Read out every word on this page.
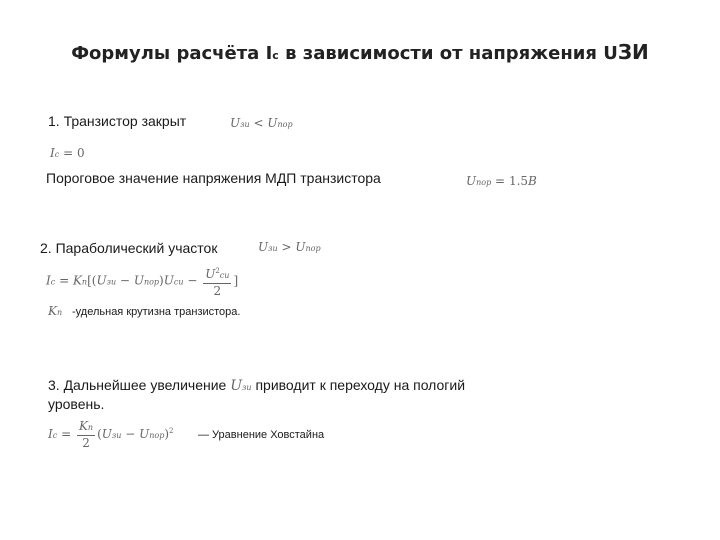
Формулы расчёта Ic в зависимости от напряжения UЗИ
1. Транзистор закрыт	Uзи < Uпор
Ic = 0
Пороговое значение напряжения МДП транзистора	Uпор = 1.5B
2. Параболический участок	Uзи > Uпор
Ic = Kn[(Uзи − Uпор)Uси − $\frac{U^2си}{2}$ ]
Kn -удельная крутизна транзистора.
3. Дальнейшее увеличение Uзи приводит к переходу на пологий
уровень.
$Ic = \frac{Kn}{2} (Uзи$ − Uпор)$^2$ — Уравнение Ховстайна
